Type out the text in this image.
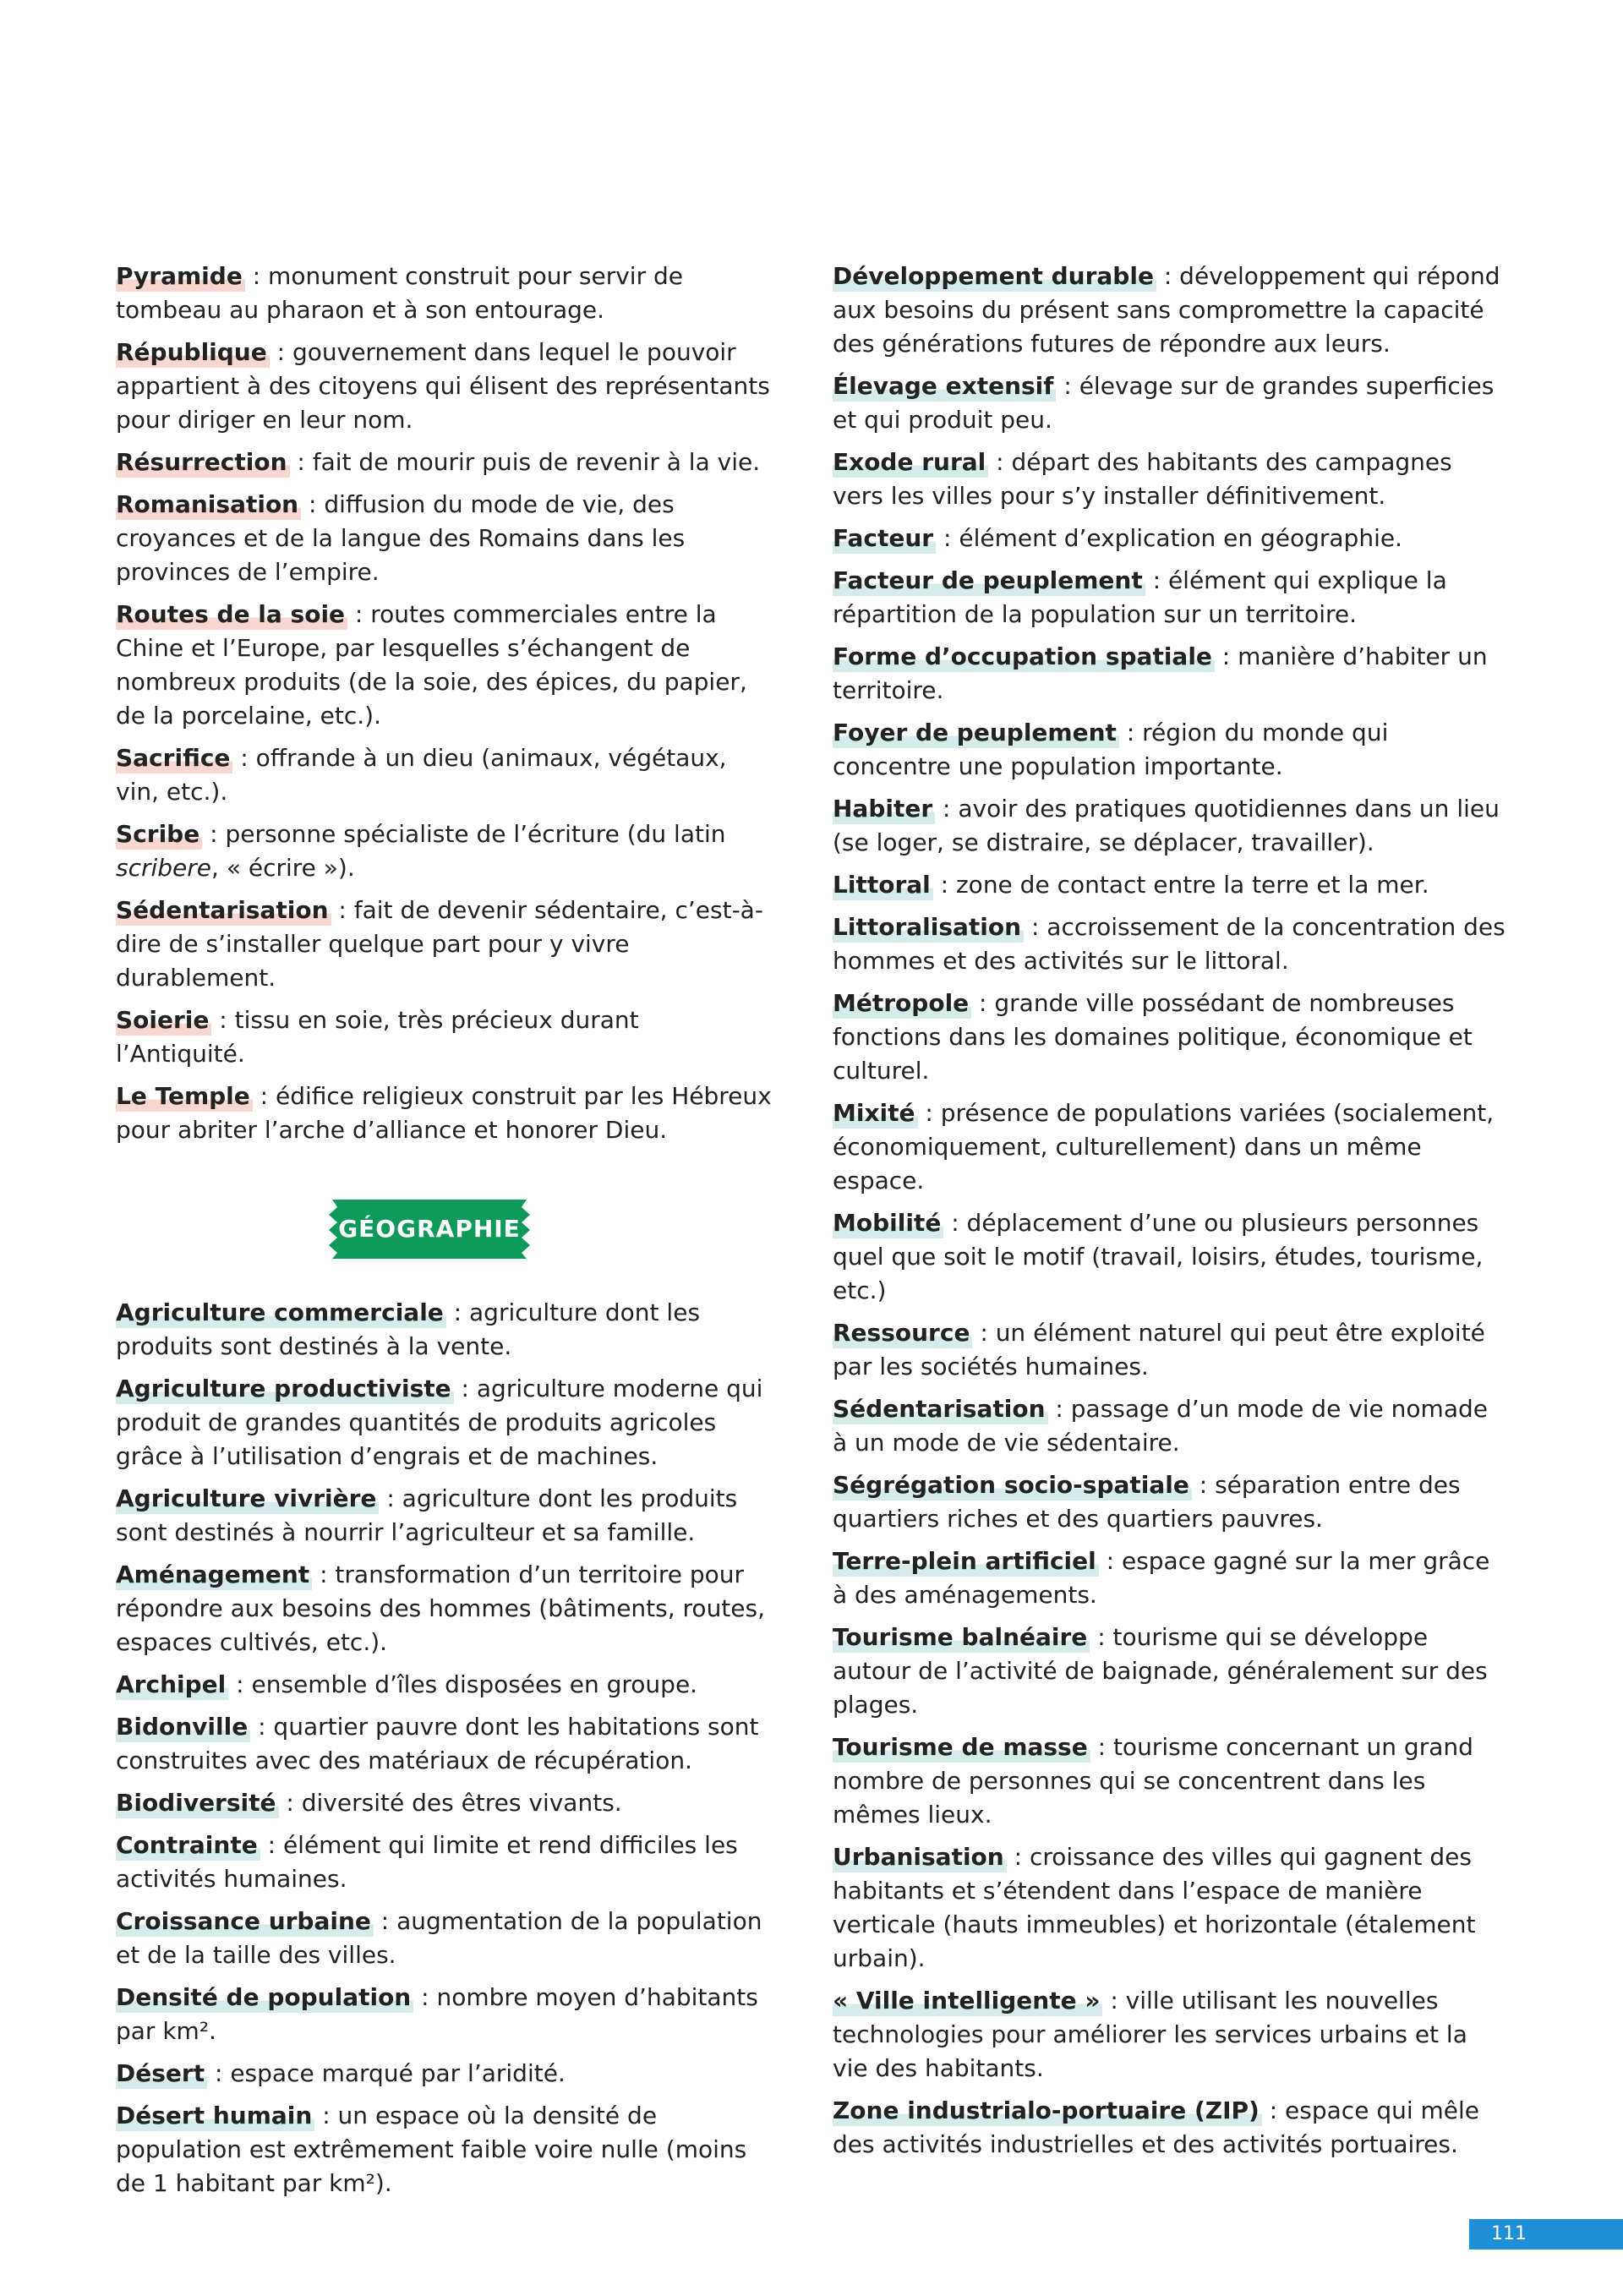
Pyramide : monument construit pour servir de tombeau au pharaon et à son entourage.

République : gouvernement dans lequel le pouvoir appartient à des citoyens qui élisent des représentants pour diriger en leur nom.

Résurrection : fait de mourir puis de revenir à la vie.

Romanisation : diffusion du mode de vie, des croyances et de la langue des Romains dans les provinces de l’empire.

Routes de la soie : routes commerciales entre la Chine et l’Europe, par lesquelles s’échangent de nombreux produits (de la soie, des épices, du papier, de la porcelaine, etc.).

Sacrifice : offrande à un dieu (animaux, végétaux, vin, etc.).

Scribe : personne spécialiste de l’écriture (du latin scribere, « écrire »).

Sédentarisation : fait de devenir sédentaire, c’est-à-dire de s’installer quelque part pour y vivre durablement.

Soierie : tissu en soie, très précieux durant l’Antiquité.

Le Temple : édifice religieux construit par les Hébreux pour abriter l’arche d’alliance et honorer Dieu.

GÉOGRAPHIE

Agriculture commerciale : agriculture dont les produits sont destinés à la vente.

Agriculture productiviste : agriculture moderne qui produit de grandes quantités de produits agricoles grâce à l’utilisation d’engrais et de machines.

Agriculture vivrière : agriculture dont les produits sont destinés à nourrir l’agriculteur et sa famille.

Aménagement : transformation d’un territoire pour répondre aux besoins des hommes (bâtiments, routes, espaces cultivés, etc.).

Archipel : ensemble d’îles disposées en groupe.

Bidonville : quartier pauvre dont les habitations sont construites avec des matériaux de récupération.

Biodiversité : diversité des êtres vivants.

Contrainte : élément qui limite et rend difficiles les activités humaines.

Croissance urbaine : augmentation de la population et de la taille des villes.

Densité de population : nombre moyen d’habitants par km².

Désert : espace marqué par l’aridité.

Désert humain : un espace où la densité de population est extrêmement faible voire nulle (moins de 1 habitant par km²).

Développement durable : développement qui répond aux besoins du présent sans compromettre la capacité des générations futures de répondre aux leurs.

Élevage extensif : élevage sur de grandes superficies et qui produit peu.

Exode rural : départ des habitants des campagnes vers les villes pour s’y installer définitivement.

Facteur : élément d’explication en géographie.

Facteur de peuplement : élément qui explique la répartition de la population sur un territoire.

Forme d’occupation spatiale : manière d’habiter un territoire.

Foyer de peuplement : région du monde qui concentre une population importante.

Habiter : avoir des pratiques quotidiennes dans un lieu (se loger, se distraire, se déplacer, travailler).

Littoral : zone de contact entre la terre et la mer.

Littoralisation : accroissement de la concentration des hommes et des activités sur le littoral.

Métropole : grande ville possédant de nombreuses fonctions dans les domaines politique, économique et culturel.

Mixité : présence de populations variées (socialement, économiquement, culturellement) dans un même espace.

Mobilité : déplacement d’une ou plusieurs personnes quel que soit le motif (travail, loisirs, études, tourisme, etc.)

Ressource : un élément naturel qui peut être exploité par les sociétés humaines.

Sédentarisation : passage d’un mode de vie nomade à un mode de vie sédentaire.

Ségrégation socio-spatiale : séparation entre des quartiers riches et des quartiers pauvres.

Terre-plein artificiel : espace gagné sur la mer grâce à des aménagements.

Tourisme balnéaire : tourisme qui se développe autour de l’activité de baignade, généralement sur des plages.

Tourisme de masse : tourisme concernant un grand nombre de personnes qui se concentrent dans les mêmes lieux.

Urbanisation : croissance des villes qui gagnent des habitants et s’étendent dans l’espace de manière verticale (hauts immeubles) et horizontale (étalement urbain).

« Ville intelligente » : ville utilisant les nouvelles technologies pour améliorer les services urbains et la vie des habitants.

Zone industrialo-portuaire (ZIP) : espace qui mêle des activités industrielles et des activités portuaires.

111
